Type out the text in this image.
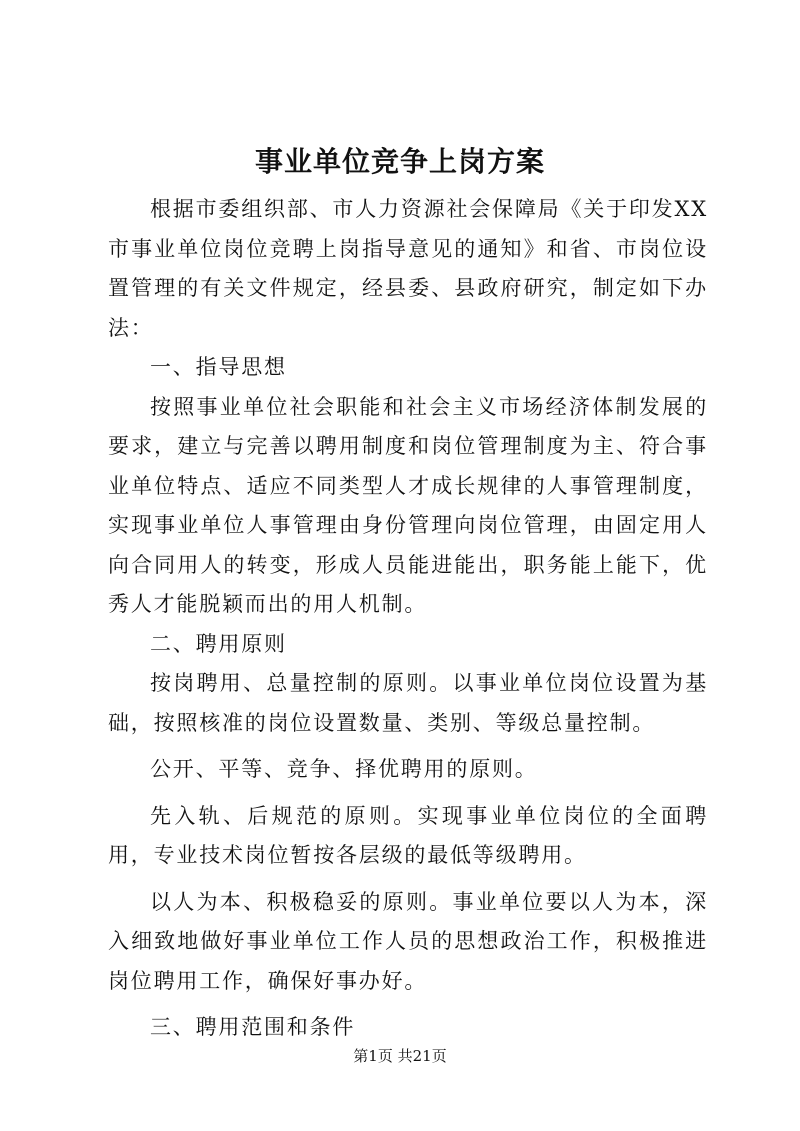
事业单位竞争上岗方案

根据市委组织部、市人力资源社会保障局《关于印发XX市事业单位岗位竞聘上岗指导意见的通知》和省、市岗位设置管理的有关文件规定，经县委、县政府研究，制定如下办法：

一、指导思想

按照事业单位社会职能和社会主义市场经济体制发展的要求，建立与完善以聘用制度和岗位管理制度为主、符合事业单位特点、适应不同类型人才成长规律的人事管理制度，实现事业单位人事管理由身份管理向岗位管理，由固定用人向合同用人的转变，形成人员能进能出，职务能上能下，优秀人才能脱颖而出的用人机制。

二、聘用原则

按岗聘用、总量控制的原则。以事业单位岗位设置为基础，按照核准的岗位设置数量、类别、等级总量控制。

公开、平等、竞争、择优聘用的原则。

先入轨、后规范的原则。实现事业单位岗位的全面聘用，专业技术岗位暂按各层级的最低等级聘用。

以人为本、积极稳妥的原则。事业单位要以人为本，深入细致地做好事业单位工作人员的思想政治工作，积极推进岗位聘用工作，确保好事办好。

三、聘用范围和条件

第1页 共21页
